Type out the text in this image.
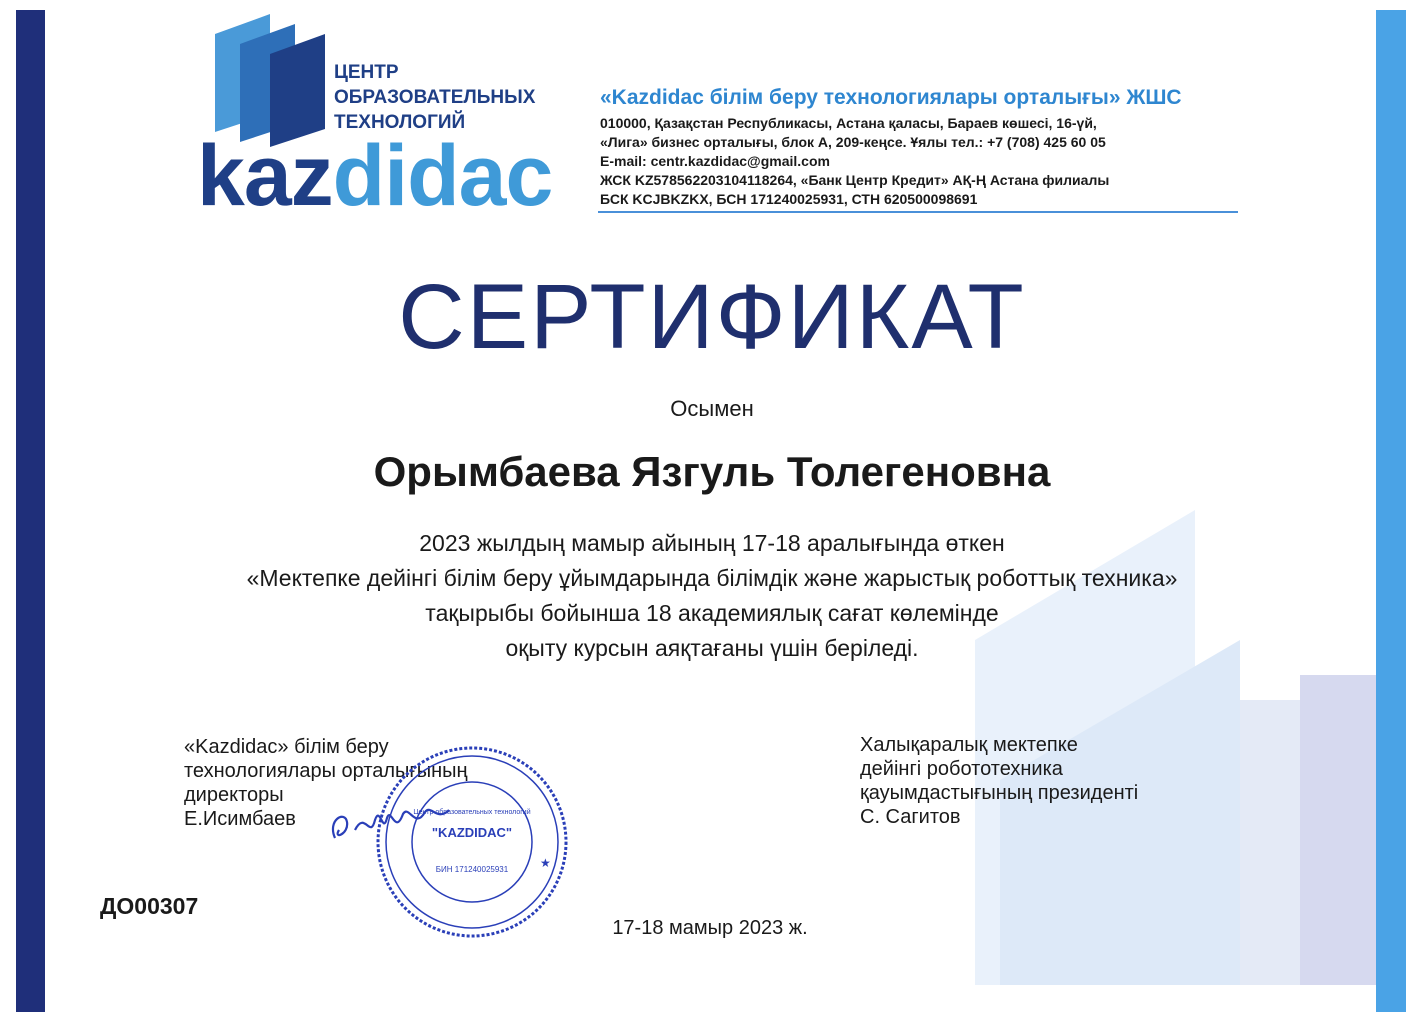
ЦЕНТР
ОБРАЗОВАТЕЛЬНЫХ
ТЕХНОЛОГИЙ
kazdidac
«Kazdidac білім беру технологиялары орталығы» ЖШС
010000, Қазақстан Республикасы, Астана қаласы, Бараев көшесі, 16-үй,
«Лига» бизнес орталығы, блок А, 209-кеңсе. Ұялы тел.: +7 (708) 425 60 05
E-mail: centr.kazdidac@gmail.com
ЖСК KZ578562203104118264, «Банк Центр Кредит» АҚ-Ң Астана филиалы
БСК KCJBKZKX, БСН 171240025931, СТН 620500098691
СЕРТИФИКАТ
Осымен
Орымбаева Язгуль Толегеновна
2023 жылдың мамыр айының 17-18 аралығында өткен
«Мектепке дейінгі білім беру ұйымдарында білімдік және жарыстық роботтық техника»
тақырыбы бойынша 18 академиялық сағат көлемінде
оқыту курсын аяқтағаны үшін беріледі.
«Kazdidac» білім беру
технологиялары орталығының
директоры
Е.Исимбаев
Халықаралық мектепке
дейінгі робототехника
қауымдастығының президенті
С. Сагитов
"KAZDIDAC"
БИН 171240025931
Центр образовательных технологий
★
ДО00307
17-18 мамыр 2023 ж.
